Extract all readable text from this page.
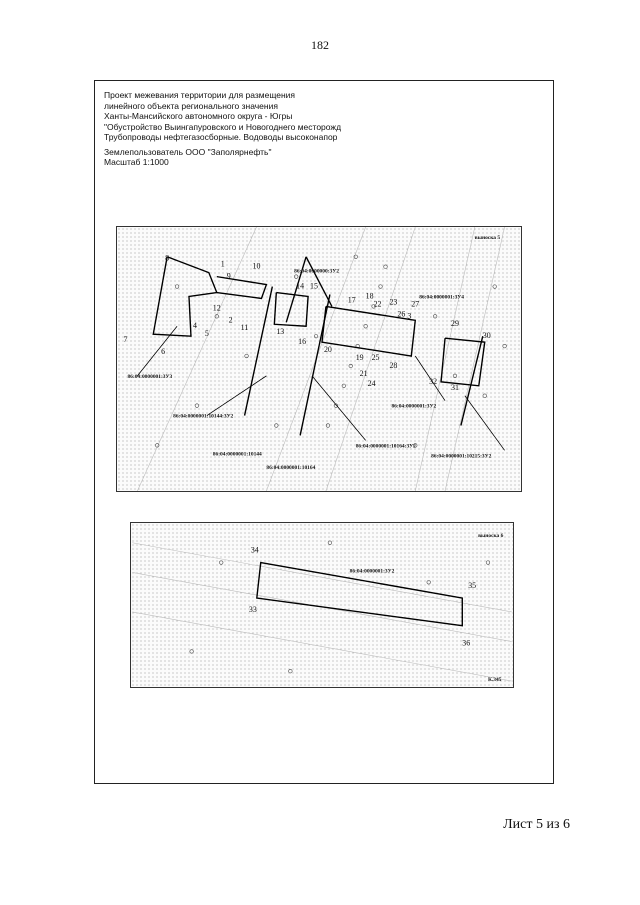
182
Проект межевания территории для размещения
линейного объекта регионального значения
Ханты-Мансийского автономного округа - Югры
"Обустройство Выингапуровского и Новогоднего месторожд
Трубопроводы нефтегазосборные. Водоводы высоконапор
Землепользователь ООО "Заполярнефть"
Масштаб 1:1000
86:04:0000000:3У2
86:04:0000001:3У4
86:04:0000001:3У3
86:04:0000001:10144:3У2
86:04:0000001:10164:3У2
86:04:0000001:3У2
86:04:0000001:10215:3У2
86:04:0000001:10144
86:04:0000001:10164
выноска 5
1
2	3
4
5
6
7
8
9
10
11
12
13
14 15
16
17 18
19
20
21
22 23
24
25
26
27
28
29
30
31
32
86:04:0000001:3У2
выноска 6
33
34
35
36
К.345
Лист 5 из 6
